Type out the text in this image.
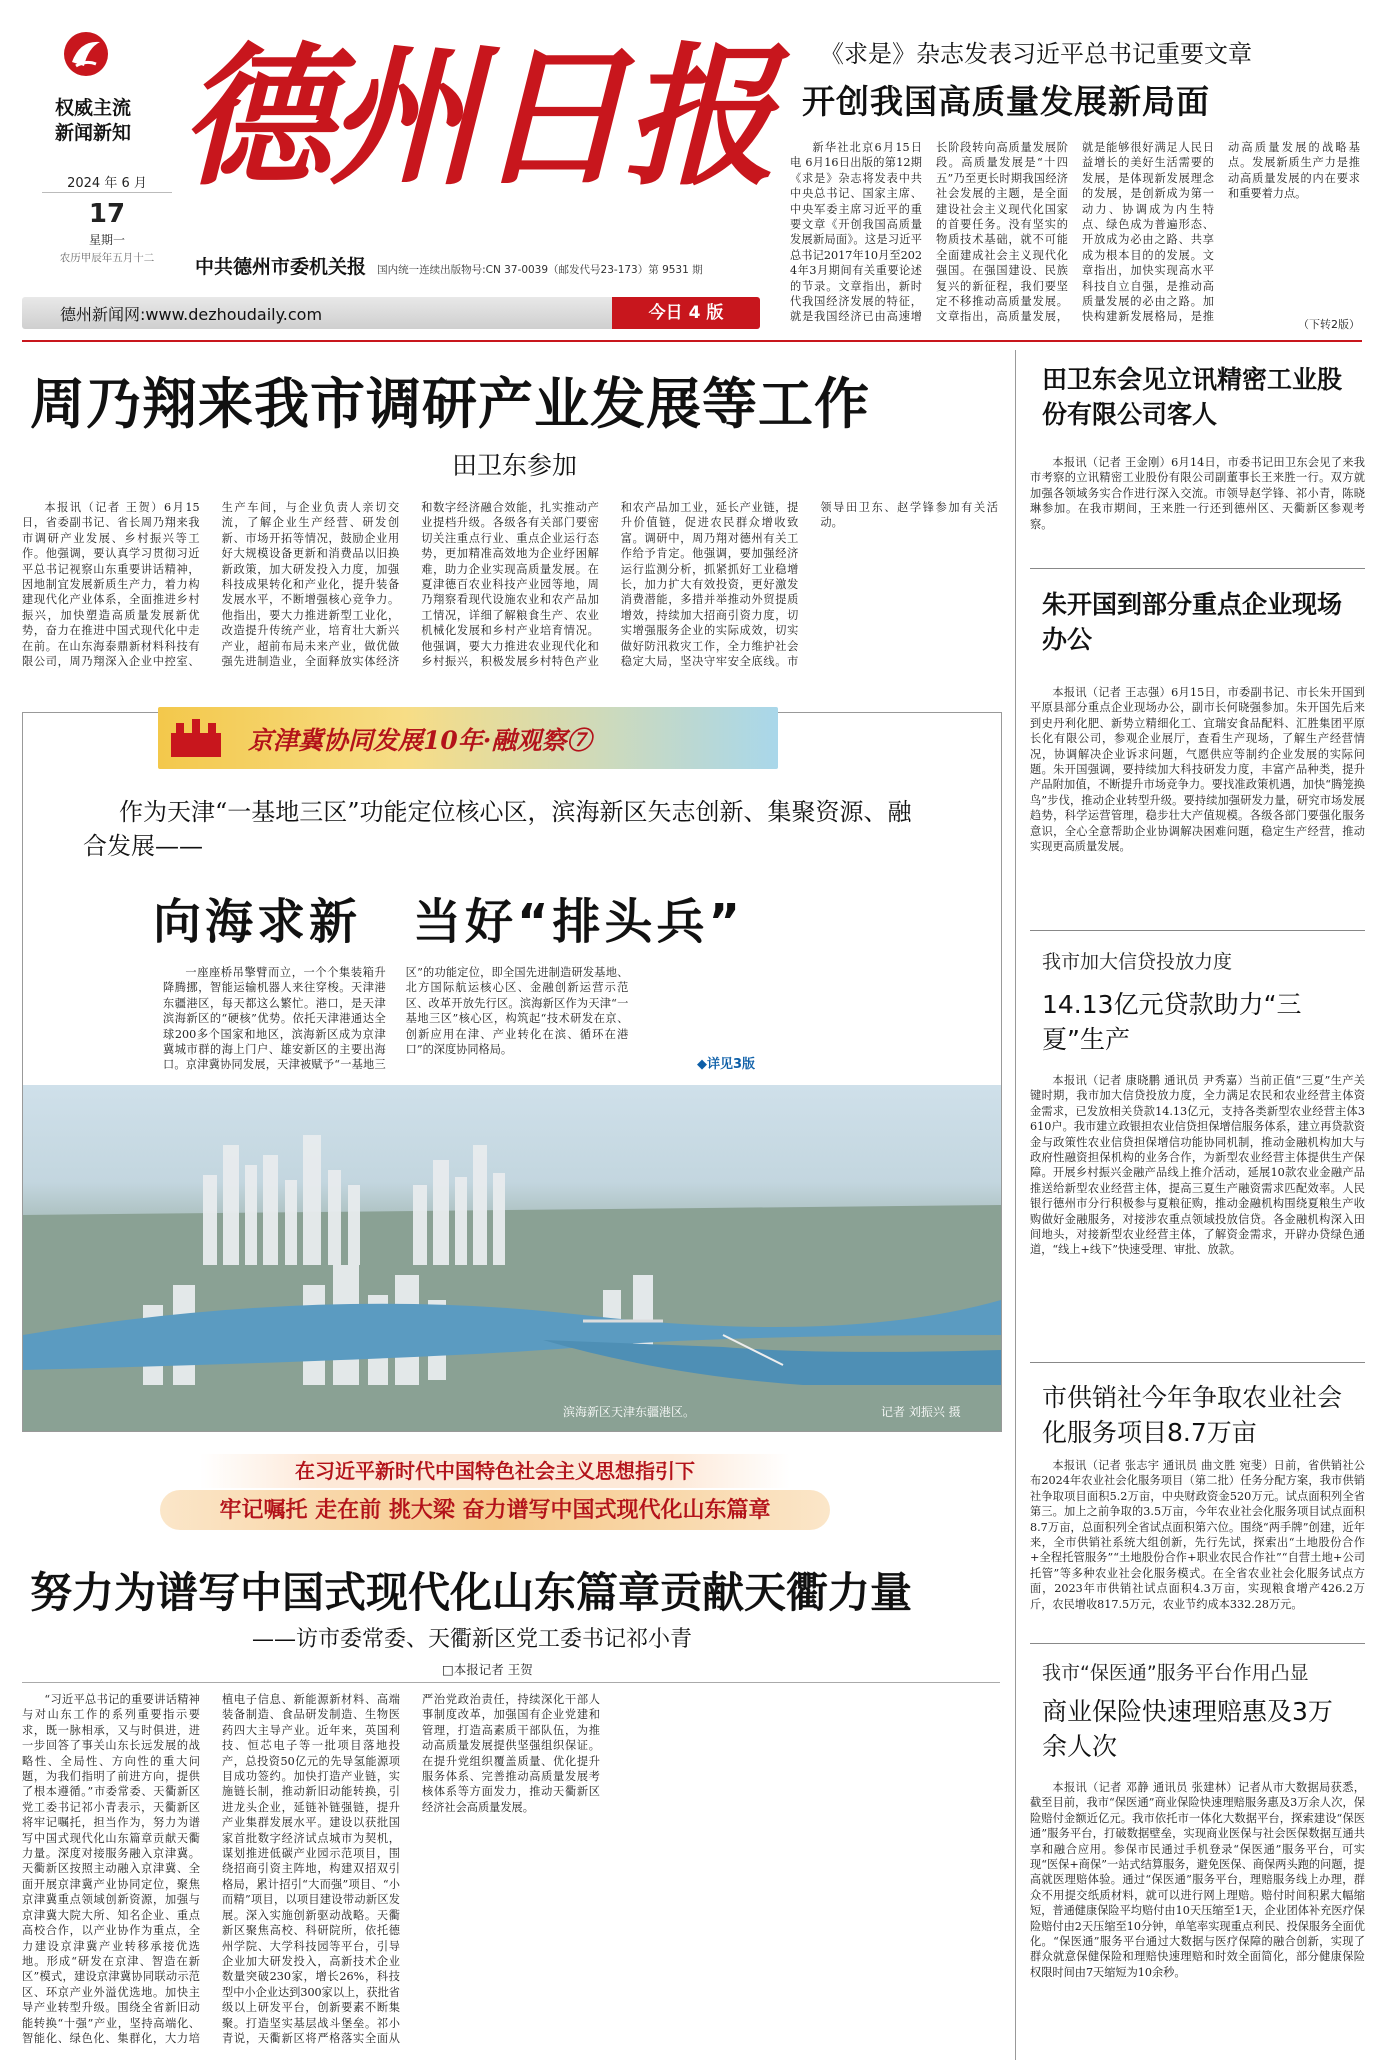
权威主流
新闻新知
2024 年 6 月
17
星期一
农历甲辰年五月十二
德州日报
中共德州市委机关报 国内统一连续出版物号:CN 37-0039（邮发代号23-173）第 9531 期
德州新闻网:www.dezhoudaily.com	今日 4 版
《求是》杂志发表习近平总书记重要文章
开创我国高质量发展新局面

新华社北京6月15日电 6月16日出版的第12期《求是》杂志将发表中共中央总书记、国家主席、中央军委主席习近平的重要文章《开创我国高质量发展新局面》。这是习近平总书记2017年10月至2024年3月期间有关重要论述的节录。文章指出，新时代我国经济发展的特征，就是我国经济已由高速增长阶段转向高质量发展阶段。高质量发展是“十四五”乃至更长时期我国经济社会发展的主题，是全面建设社会主义现代化国家的首要任务。没有坚实的物质技术基础，就不可能全面建成社会主义现代化强国。在强国建设、民族复兴的新征程，我们要坚定不移推动高质量发展。文章指出，高质量发展，就是能够很好满足人民日益增长的美好生活需要的发展，是体现新发展理念的发展，是创新成为第一动力、协调成为内生特点、绿色成为普遍形态、开放成为必由之路、共享成为根本目的的发展。文章指出，加快实现高水平科技自立自强，是推动高质量发展的必由之路。加快构建新发展格局，是推动高质量发展的战略基点。发展新质生产力是推动高质量发展的内在要求和重要着力点。

（下转2版）
周乃翔来我市调研产业发展等工作
田卫东参加

本报讯（记者 王贺）6月15日，省委副书记、省长周乃翔来我市调研产业发展、乡村振兴等工作。他强调，要认真学习贯彻习近平总书记视察山东重要讲话精神，因地制宜发展新质生产力，着力构建现代化产业体系，全面推进乡村振兴，加快塑造高质量发展新优势，奋力在推进中国式现代化中走在前。在山东海泰鼎新材料科技有限公司，周乃翔深入企业中控室、生产车间，与企业负责人亲切交流，了解企业生产经营、研发创新、市场开拓等情况，鼓励企业用好大规模设备更新和消费品以旧换新政策，加大研发投入力度，加强科技成果转化和产业化，提升装备发展水平，不断增强核心竞争力。他指出，要大力推进新型工业化，改造提升传统产业，培育壮大新兴产业，超前布局未来产业，做优做强先进制造业，全面释放实体经济和数字经济融合效能，扎实推动产业提档升级。各级各有关部门要密切关注重点行业、重点企业运行态势，更加精准高效地为企业纾困解难，助力企业实现高质量发展。在夏津德百农业科技产业园等地，周乃翔察看现代设施农业和农产品加工情况，详细了解粮食生产、农业机械化发展和乡村产业培育情况。他强调，要大力推进农业现代化和乡村振兴，积极发展乡村特色产业和农产品加工业，延长产业链，提升价值链，促进农民群众增收致富。调研中，周乃翔对德州有关工作给予肯定。他强调，要加强经济运行监测分析，抓紧抓好工业稳增长，加力扩大有效投资，更好激发消费潜能，多措并举推动外贸提质增效，持续加大招商引资力度，切实增强服务企业的实际成效，切实做好防汛救灾工作，全力维护社会稳定大局，坚决守牢安全底线。市领导田卫东、赵学锋参加有关活动。

京津冀协同发展10年·融观察⑦
作为天津“一基地三区”功能定位核心区，滨海新区矢志创新、集聚资源、融合发展——
向海求新　当好“排头兵”

一座座桥吊擎臂而立，一个个集装箱升降腾挪，智能运输机器人来往穿梭。天津港东疆港区，每天都这么繁忙。港口，是天津滨海新区的“硬核”优势。依托天津港通达全球200多个国家和地区，滨海新区成为京津冀城市群的海上门户、雄安新区的主要出海口。京津冀协同发展，天津被赋予“一基地三区”的功能定位，即全国先进制造研发基地、北方国际航运核心区、金融创新运营示范区、改革开放先行区。滨海新区作为天津“一基地三区”核心区，构筑起“技术研发在京、创新应用在津、产业转化在滨、循环在港口”的深度协同格局。

◆详见3版
滨海新区天津东疆港区。	记者 刘振兴 摄
在习近平新时代中国特色社会主义思想指引下
牢记嘱托 走在前 挑大梁 奋力谱写中国式现代化山东篇章
努力为谱写中国式现代化山东篇章贡献天衢力量
——访市委常委、天衢新区党工委书记祁小青
□本报记者 王贺

“习近平总书记的重要讲话精神与对山东工作的系列重要指示要求，既一脉相承，又与时俱进，进一步回答了事关山东长远发展的战略性、全局性、方向性的重大问题，为我们指明了前进方向，提供了根本遵循。”市委常委、天衢新区党工委书记祁小青表示，天衢新区将牢记嘱托，担当作为，努力为谱写中国式现代化山东篇章贡献天衢力量。深度对接服务融入京津冀。天衢新区按照主动融入京津冀、全面开展京津冀产业协同定位，聚焦京津冀重点领域创新资源，加强与京津冀大院大所、知名企业、重点高校合作，以产业协作为重点，全力建设京津冀产业转移承接优选地。形成“研发在京津、智造在新区”模式，建设京津冀协同联动示范区、环京产业外溢优选地。加快主导产业转型升级。围绕全省新旧动能转换“十强”产业，坚持高端化、智能化、绿色化、集群化，大力培植电子信息、新能源新材料、高端装备制造、食品研发制造、生物医药四大主导产业。近年来，英国利技、恒芯电子等一批项目落地投产，总投资50亿元的先导氢能源项目成功签约。加快打造产业链，实施链长制，推动新旧动能转换，引进龙头企业，延链补链强链，提升产业集群发展水平。建设以获批国家首批数字经济试点城市为契机，谋划推进低碳产业园示范项目，围绕招商引资主阵地，构建双招双引格局，累计招引“大而强”项目、“小而精”项目，以项目建设带动新区发展。深入实施创新驱动战略。天衢新区聚焦高校、科研院所，依托德州学院、大学科技园等平台，引导企业加大研发投入，高新技术企业数量突破230家，增长26%，科技型中小企业达到300家以上，获批省级以上研发平台，创新要素不断集聚。打造坚实基层战斗堡垒。祁小青说，天衢新区将严格落实全面从严治党政治责任，持续深化干部人事制度改革，加强国有企业党建和管理，打造高素质干部队伍，为推动高质量发展提供坚强组织保证。在提升党组织覆盖质量、优化提升服务体系、完善推动高质量发展考核体系等方面发力，推动天衢新区经济社会高质量发展。

田卫东会见立讯精密工业股份有限公司客人

本报讯（记者 王金刚）6月14日，市委书记田卫东会见了来我市考察的立讯精密工业股份有限公司副董事长王来胜一行。双方就加强各领域务实合作进行深入交流。市领导赵学锋、祁小青，陈晓琳参加。在我市期间，王来胜一行还到德州区、天衢新区参观考察。

朱开国到部分重点企业现场办公

本报讯（记者 王志强）6月15日，市委副书记、市长朱开国到平原县部分重点企业现场办公，副市长何晓强参加。朱开国先后来到史丹利化肥、新势立精细化工、宜瑞安食品配料、汇胜集团平原长化有限公司，参观企业展厅，查看生产现场，了解生产经营情况，协调解决企业诉求问题，气愿供应等制约企业发展的实际问题。朱开国强调，要持续加大科技研发力度，丰富产品种类，提升产品附加值，不断提升市场竞争力。要找准政策机遇，加快“腾笼换鸟”步伐，推动企业转型升级。要持续加强研发力量，研究市场发展趋势，科学运营管理，稳步壮大产值规模。各级各部门要强化服务意识，全心全意帮助企业协调解决困难问题，稳定生产经营，推动实现更高质量发展。

我市加大信贷投放力度
14.13亿元贷款助力“三夏”生产

本报讯（记者 康晓鹏 通讯员 尹秀嘉）当前正值“三夏”生产关键时期，我市加大信贷投放力度，全力满足农民和农业经营主体资金需求，已发放相关贷款14.13亿元，支持各类新型农业经营主体3610户。我市建立政银担农业信贷担保增信服务体系，建立再贷款资金与政策性农业信贷担保增信功能协同机制，推动金融机构加大与政府性融资担保机构的业务合作，为新型农业经营主体提供生产保障。开展乡村振兴金融产品线上推介活动，延展10款农业金融产品推送给新型农业经营主体，提高三夏生产融资需求匹配效率。人民银行德州市分行积极参与夏粮征购，推动金融机构围绕夏粮生产收购做好金融服务，对接涉农重点领域投放信贷。各金融机构深入田间地头，对接新型农业经营主体，了解资金需求，开辟办贷绿色通道，“线上+线下”快速受理、审批、放款。

市供销社今年争取农业社会化服务项目8.7万亩

本报讯（记者 张志宇 通讯员 曲文胜 宛斐）日前，省供销社公布2024年农业社会化服务项目（第二批）任务分配方案，我市供销社争取项目面积5.2万亩，中央财政资金520万元。试点面积列全省第三。加上之前争取的3.5万亩，今年农业社会化服务项目试点面积8.7万亩，总面积列全省试点面积第六位。围绕“两手牌”创建，近年来，全市供销社系统大组创新，先行先试，探索出“土地股份合作+全程托管服务”“土地股份合作+职业农民合作社”“自营土地+公司托管”等多种农业社会化服务模式。在全省农业社会化服务试点方面，2023年市供销社试点面积4.3万亩，实现粮食增产426.2万斤，农民增收817.5万元，农业节约成本332.28万元。

我市“保医通”服务平台作用凸显
商业保险快速理赔惠及3万余人次

本报讯（记者 邓静 通讯员 张建林）记者从市大数据局获悉，截至目前，我市“保医通”商业保险快速理赔服务惠及3万余人次，保险赔付金额近亿元。我市依托市一体化大数据平台，探索建设“保医通”服务平台，打破数据壁垒，实现商业医保与社会医保数据互通共享和融合应用。参保市民通过手机登录“保医通”服务平台，可实现“医保+商保”一站式结算服务，避免医保、商保两头跑的问题，提高就医理赔体验。通过“保医通”服务平台，理赔服务线上办理，群众不用提交纸质材料，就可以进行网上理赔。赔付时间积累大幅缩短，普通健康保险平均赔付由10天压缩至1天，企业团体补充医疗保险赔付由2天压缩至10分钟，单笔率实现重点利民、投保服务全面优化。“保医通”服务平台通过大数据与医疗保障的融合创新，实现了群众就意保健保险和理赔快速理赔和时效全面简化，部分健康保险权限时间由7天缩短为10余秒。
